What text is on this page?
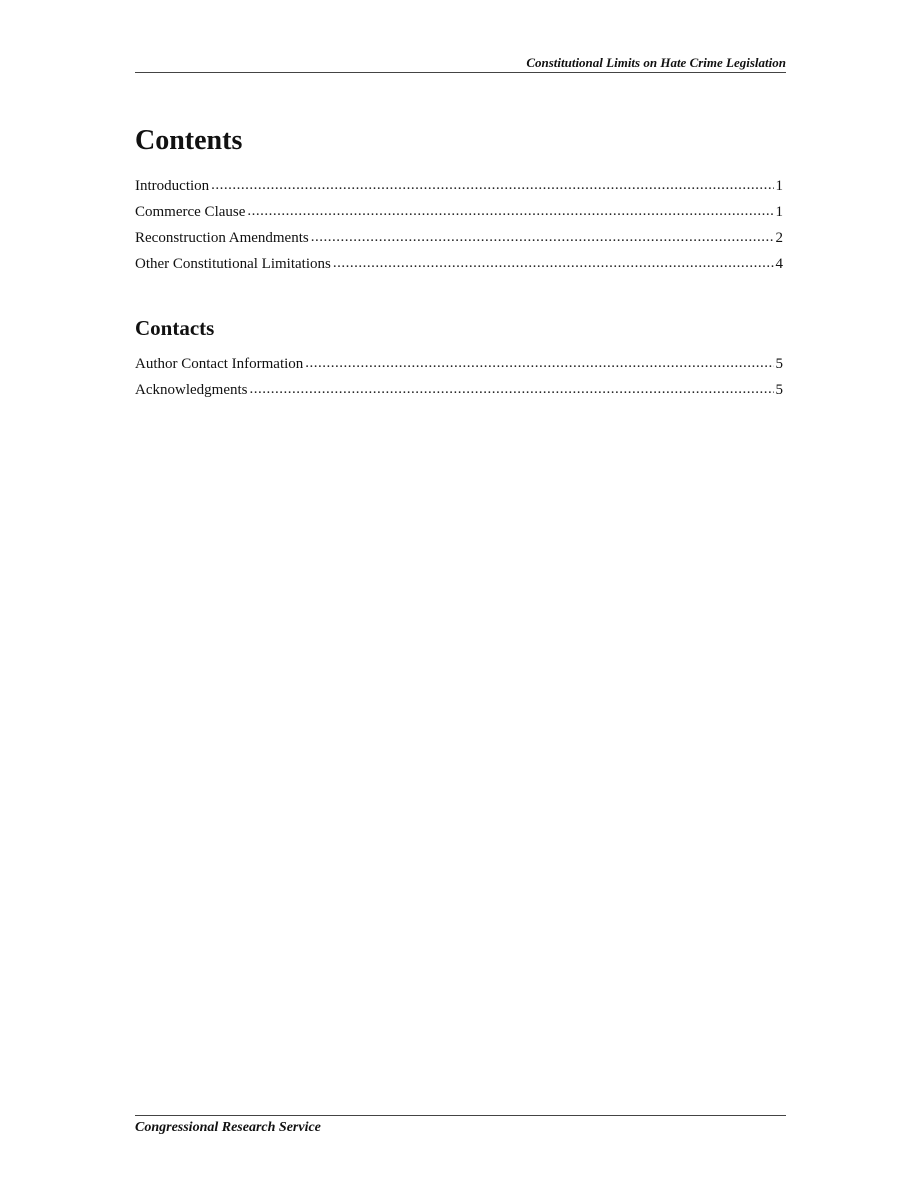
Constitutional Limits on Hate Crime Legislation
Contents
Introduction .....	1
Commerce Clause .....	1
Reconstruction Amendments .....	2
Other Constitutional Limitations .....	4
Contacts
Author Contact Information .....	5
Acknowledgments .....	5
Congressional Research Service
